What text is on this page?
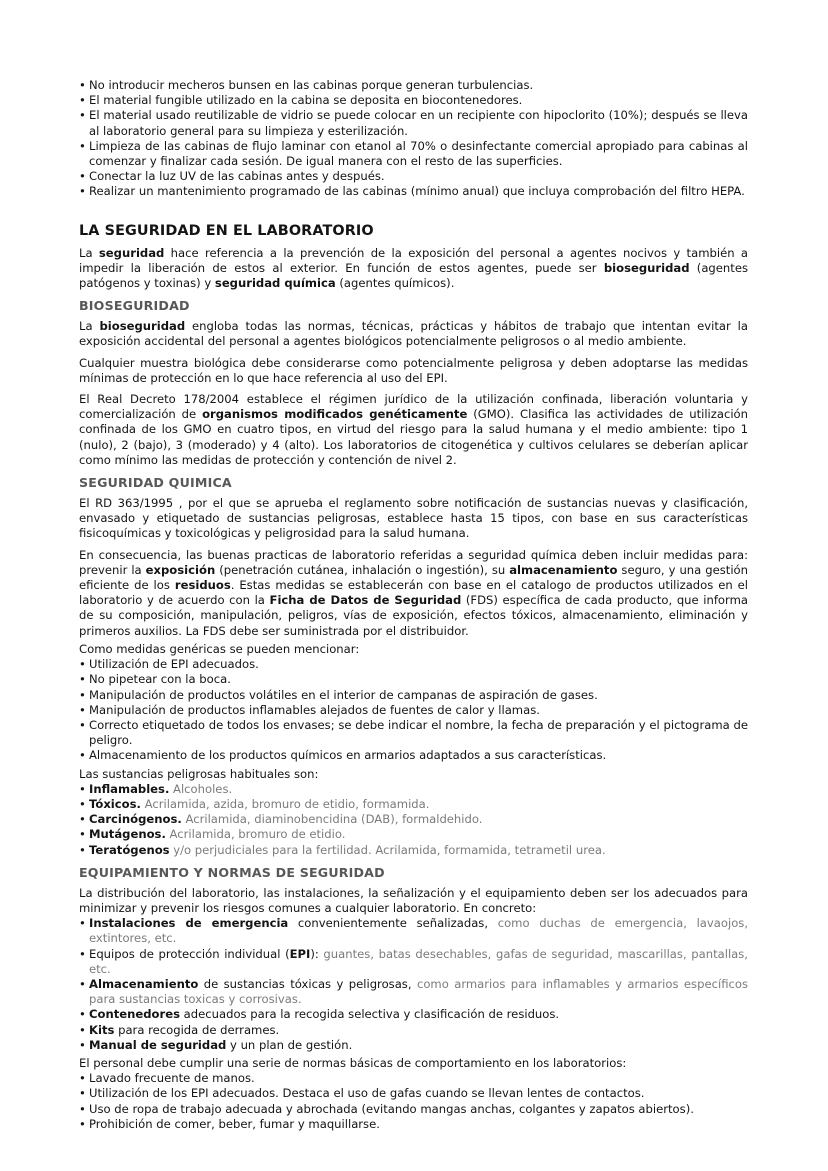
• No introducir mecheros bunsen en las cabinas porque generan turbulencias.
• El material fungible utilizado en la cabina se deposita en biocontenedores.
• El material usado reutilizable de vidrio se puede colocar en un recipiente con hipoclorito (10%); después se lleva al laboratorio general para su limpieza y esterilización.
• Limpieza de las cabinas de flujo laminar con etanol al 70% o desinfectante comercial apropiado para cabinas al comenzar y finalizar cada sesión. De igual manera con el resto de las superficies.
• Conectar la luz UV de las cabinas antes y después.
• Realizar un mantenimiento programado de las cabinas (mínimo anual) que incluya comprobación del filtro HEPA.
LA SEGURIDAD EN EL LABORATORIO

La seguridad hace referencia a la prevención de la exposición del personal a agentes nocivos y también a impedir la liberación de estos al exterior. En función de estos agentes, puede ser bioseguridad (agentes patógenos y toxinas) y seguridad química (agentes químicos).

BIOSEGURIDAD

La bioseguridad engloba todas las normas, técnicas, prácticas y hábitos de trabajo que intentan evitar la exposición accidental del personal a agentes biológicos potencialmente peligrosos o al medio ambiente.

Cualquier muestra biológica debe considerarse como potencialmente peligrosa y deben adoptarse las medidas mínimas de protección en lo que hace referencia al uso del EPI.

El Real Decreto 178/2004 establece el régimen jurídico de la utilización confinada, liberación voluntaria y comercialización de organismos modificados genéticamente (GMO). Clasifica las actividades de utilización confinada de los GMO en cuatro tipos, en virtud del riesgo para la salud humana y el medio ambiente: tipo 1 (nulo), 2 (bajo), 3 (moderado) y 4 (alto). Los laboratorios de citogenética y cultivos celulares se deberían aplicar como mínimo las medidas de protección y contención de nivel 2.

SEGURIDAD QUIMICA

El RD 363/1995 , por el que se aprueba el reglamento sobre notificación de sustancias nuevas y clasificación, envasado y etiquetado de sustancias peligrosas, establece hasta 15 tipos, con base en sus características fisicoquímicas y toxicológicas y peligrosidad para la salud humana.

En consecuencia, las buenas practicas de laboratorio referidas a seguridad química deben incluir medidas para: prevenir la exposición (penetración cutánea, inhalación o ingestión), su almacenamiento seguro, y una gestión eficiente de los residuos. Estas medidas se establecerán con base en el catalogo de productos utilizados en el laboratorio y de acuerdo con la Ficha de Datos de Seguridad (FDS) específica de cada producto, que informa de su composición, manipulación, peligros, vías de exposición, efectos tóxicos, almacenamiento, eliminación y primeros auxilios. La FDS debe ser suministrada por el distribuidor.

Como medidas genéricas se pueden mencionar:

• Utilización de EPI adecuados.
• No pipetear con la boca.
• Manipulación de productos volátiles en el interior de campanas de aspiración de gases.
• Manipulación de productos inflamables alejados de fuentes de calor y llamas.
• Correcto etiquetado de todos los envases; se debe indicar el nombre, la fecha de preparación y el pictograma de peligro.
• Almacenamiento de los productos químicos en armarios adaptados a sus características.

Las sustancias peligrosas habituales son:

• Inflamables. Alcoholes.
• Tóxicos. Acrilamida, azida, bromuro de etidio, formamida.
• Carcinógenos. Acrilamida, diaminobencidina (DAB), formaldehido.
• Mutágenos. Acrilamida, bromuro de etidio.
• Teratógenos y/o perjudiciales para la fertilidad. Acrilamida, formamida, tetrametil urea.
EQUIPAMIENTO Y NORMAS DE SEGURIDAD

La distribución del laboratorio, las instalaciones, la señalización y el equipamiento deben ser los adecuados para minimizar y prevenir los riesgos comunes a cualquier laboratorio. En concreto:

• Instalaciones de emergencia convenientemente señalizadas, como duchas de emergencia, lavaojos, extintores, etc.
• Equipos de protección individual (EPI): guantes, batas desechables, gafas de seguridad, mascarillas, pantallas, etc.
• Almacenamiento de sustancias tóxicas y peligrosas, como armarios para inflamables y armarios específicos para sustancias toxicas y corrosivas.
• Contenedores adecuados para la recogida selectiva y clasificación de residuos.
• Kits para recogida de derrames.
• Manual de seguridad y un plan de gestión.

El personal debe cumplir una serie de normas básicas de comportamiento en los laboratorios:

• Lavado frecuente de manos.
• Utilización de los EPI adecuados. Destaca el uso de gafas cuando se llevan lentes de contactos.
• Uso de ropa de trabajo adecuada y abrochada (evitando mangas anchas, colgantes y zapatos abiertos).
• Prohibición de comer, beber, fumar y maquillarse.
